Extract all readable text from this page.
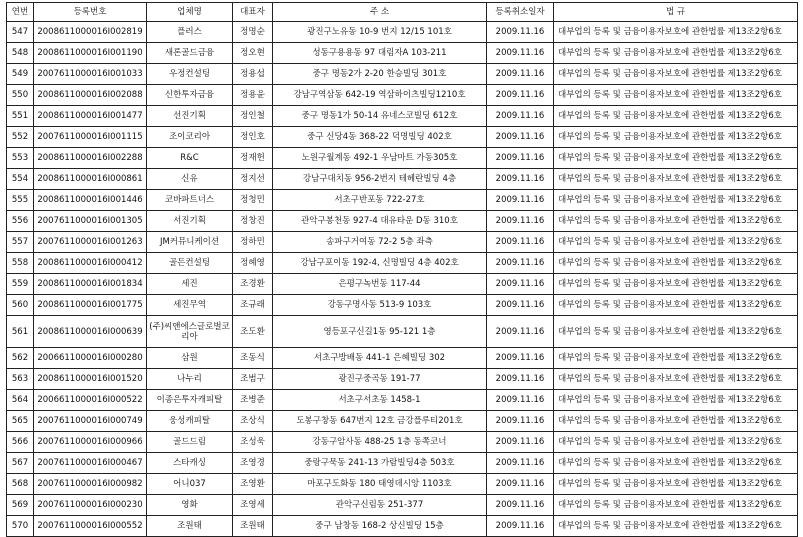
연번	등록번호	업체명	대표자	주 소	등록취소일자	법 규
547	2008611000016I002819	플러스	정명순	광진구노유동 10-9 번지 12/15 101호	2009.11.16	대부업의 등록 및 금융이용자보호에 관한법률 제13조2항6호
548	2008611000016I001190	새론골드금융	정오현	성동구용용동 97 대림자A 103-211	2009.11.16	대부업의 등록 및 금융이용자보호에 관한법률 제13조2항6호
549	2007611000016I001033	우정컨설팅	정용섭	중구 명동2가 2-20 한승빌딩 301호	2009.11.16	대부업의 등록 및 금융이용자보호에 관한법률 제13조2항6호
550	2008611000016I002088	신한투자금융	정용윤	강남구역삼동 642-19 역삼하이츠빌딩1210호	2009.11.16	대부업의 등록 및 금융이용자보호에 관한법률 제13조2항6호
551	2008611000016I001477	선진기획	정인철	중구 명동1가 50-14 유네스코빌딩 612호	2009.11.16	대부업의 등록 및 금융이용자보호에 관한법률 제13조2항6호
552	2007611000016I001115	조이코리아	정인호	중구 신당4동 368-22 덕명빌딩 402호	2009.11.16	대부업의 등록 및 금융이용자보호에 관한법률 제13조2항6호
553	2008611000016I002288	R&C	정재헌	노원구월계동 492-1 우남마트 가동305호	2009.11.16	대부업의 등록 및 금융이용자보호에 관한법률 제13조2항6호
554	2008611000016I000861	신유	정지선	강남구대치동 956-2번지 테헤란빌딩 4층	2009.11.16	대부업의 등록 및 금융이용자보호에 관한법률 제13조2항6호
555	2008611000016I001446	코바파트너스	정청민	서초구반포동 722-27호	2009.11.16	대부업의 등록 및 금융이용자보호에 관한법률 제13조2항6호
556	2007611000016I001305	서진기획	정창진	관악구봉천동 927-4 대유타운 D동 310호	2009.11.16	대부업의 등록 및 금융이용자보호에 관한법률 제13조2항6호
557	2007611000016I001263	JM커뮤니케이션	정하민	송파구거여동 72-2 5층 좌측	2009.11.16	대부업의 등록 및 금융이용자보호에 관한법률 제13조2항6호
558	2008611000016I000412	골든컨설팅	정혜영	강남구포이동 192-4, 신명빌딩 4층 402호	2009.11.16	대부업의 등록 및 금융이용자보호에 관한법률 제13조2항6호
559	2008611000016I001834	세진	조경환	은평구녹번동 117-44	2009.11.16	대부업의 등록 및 금융이용자보호에 관한법률 제13조2항6호
560	2008611000016I001775	세진무역	조규래	강동구명사동 513-9 103호	2009.11.16	대부업의 등록 및 금융이용자보호에 관한법률 제13조2항6호
561	2008611000016I000639	(주)씨앤에스글로벌코리아	조도환	영등포구신길1동 95-121 1층	2009.11.16	대부업의 등록 및 금융이용자보호에 관한법률 제13조2항6호
562	2006611000016I000280	삼원	조동식	서초구방배동 441-1 은혜빌딩 302	2009.11.16	대부업의 등록 및 금융이용자보호에 관한법률 제13조2항6호
563	2008611000016I001520	나누리	조범구	광진구중곡동 191-77	2009.11.16	대부업의 등록 및 금융이용자보호에 관한법률 제13조2항6호
564	2006611000016I000522	이종은투자캐피탈	조병준	서초구서초동 1458-1	2009.11.16	대부업의 등록 및 금융이용자보호에 관한법률 제13조2항6호
565	2007611000016I000749	웅성캐피탈	조상식	도봉구창동 647번지 12호 금강플루티201호	2009.11.16	대부업의 등록 및 금융이용자보호에 관한법률 제13조2항6호
566	2007611000016I000966	골드드림	조성욱	강동구암사동 488-25 1층 동쪽코너	2009.11.16	대부업의 등록 및 금융이용자보호에 관한법률 제13조2항6호
567	2007611000016I000467	스타캐싱	조영경	중랑구묵동 241-13 가람빌딩4층 503호	2009.11.16	대부업의 등록 및 금융이용자보호에 관한법률 제13조2항6호
568	2007611000016I000982	어니037	조영환	마포구도화동 180 태영데시앙 1103호	2009.11.16	대부업의 등록 및 금융이용자보호에 관한법률 제13조2항6호
569	2007611000016I000230	영화	조영세	관악구신림동 251-377	2009.11.16	대부업의 등록 및 금융이용자보호에 관한법률 제13조2항6호
570	2007611000016I000552	조원태	조원태	중구 남창동 168-2 상신빌딩 15층	2009.11.16	대부업의 등록 및 금융이용자보호에 관한법률 제13조2항6호
